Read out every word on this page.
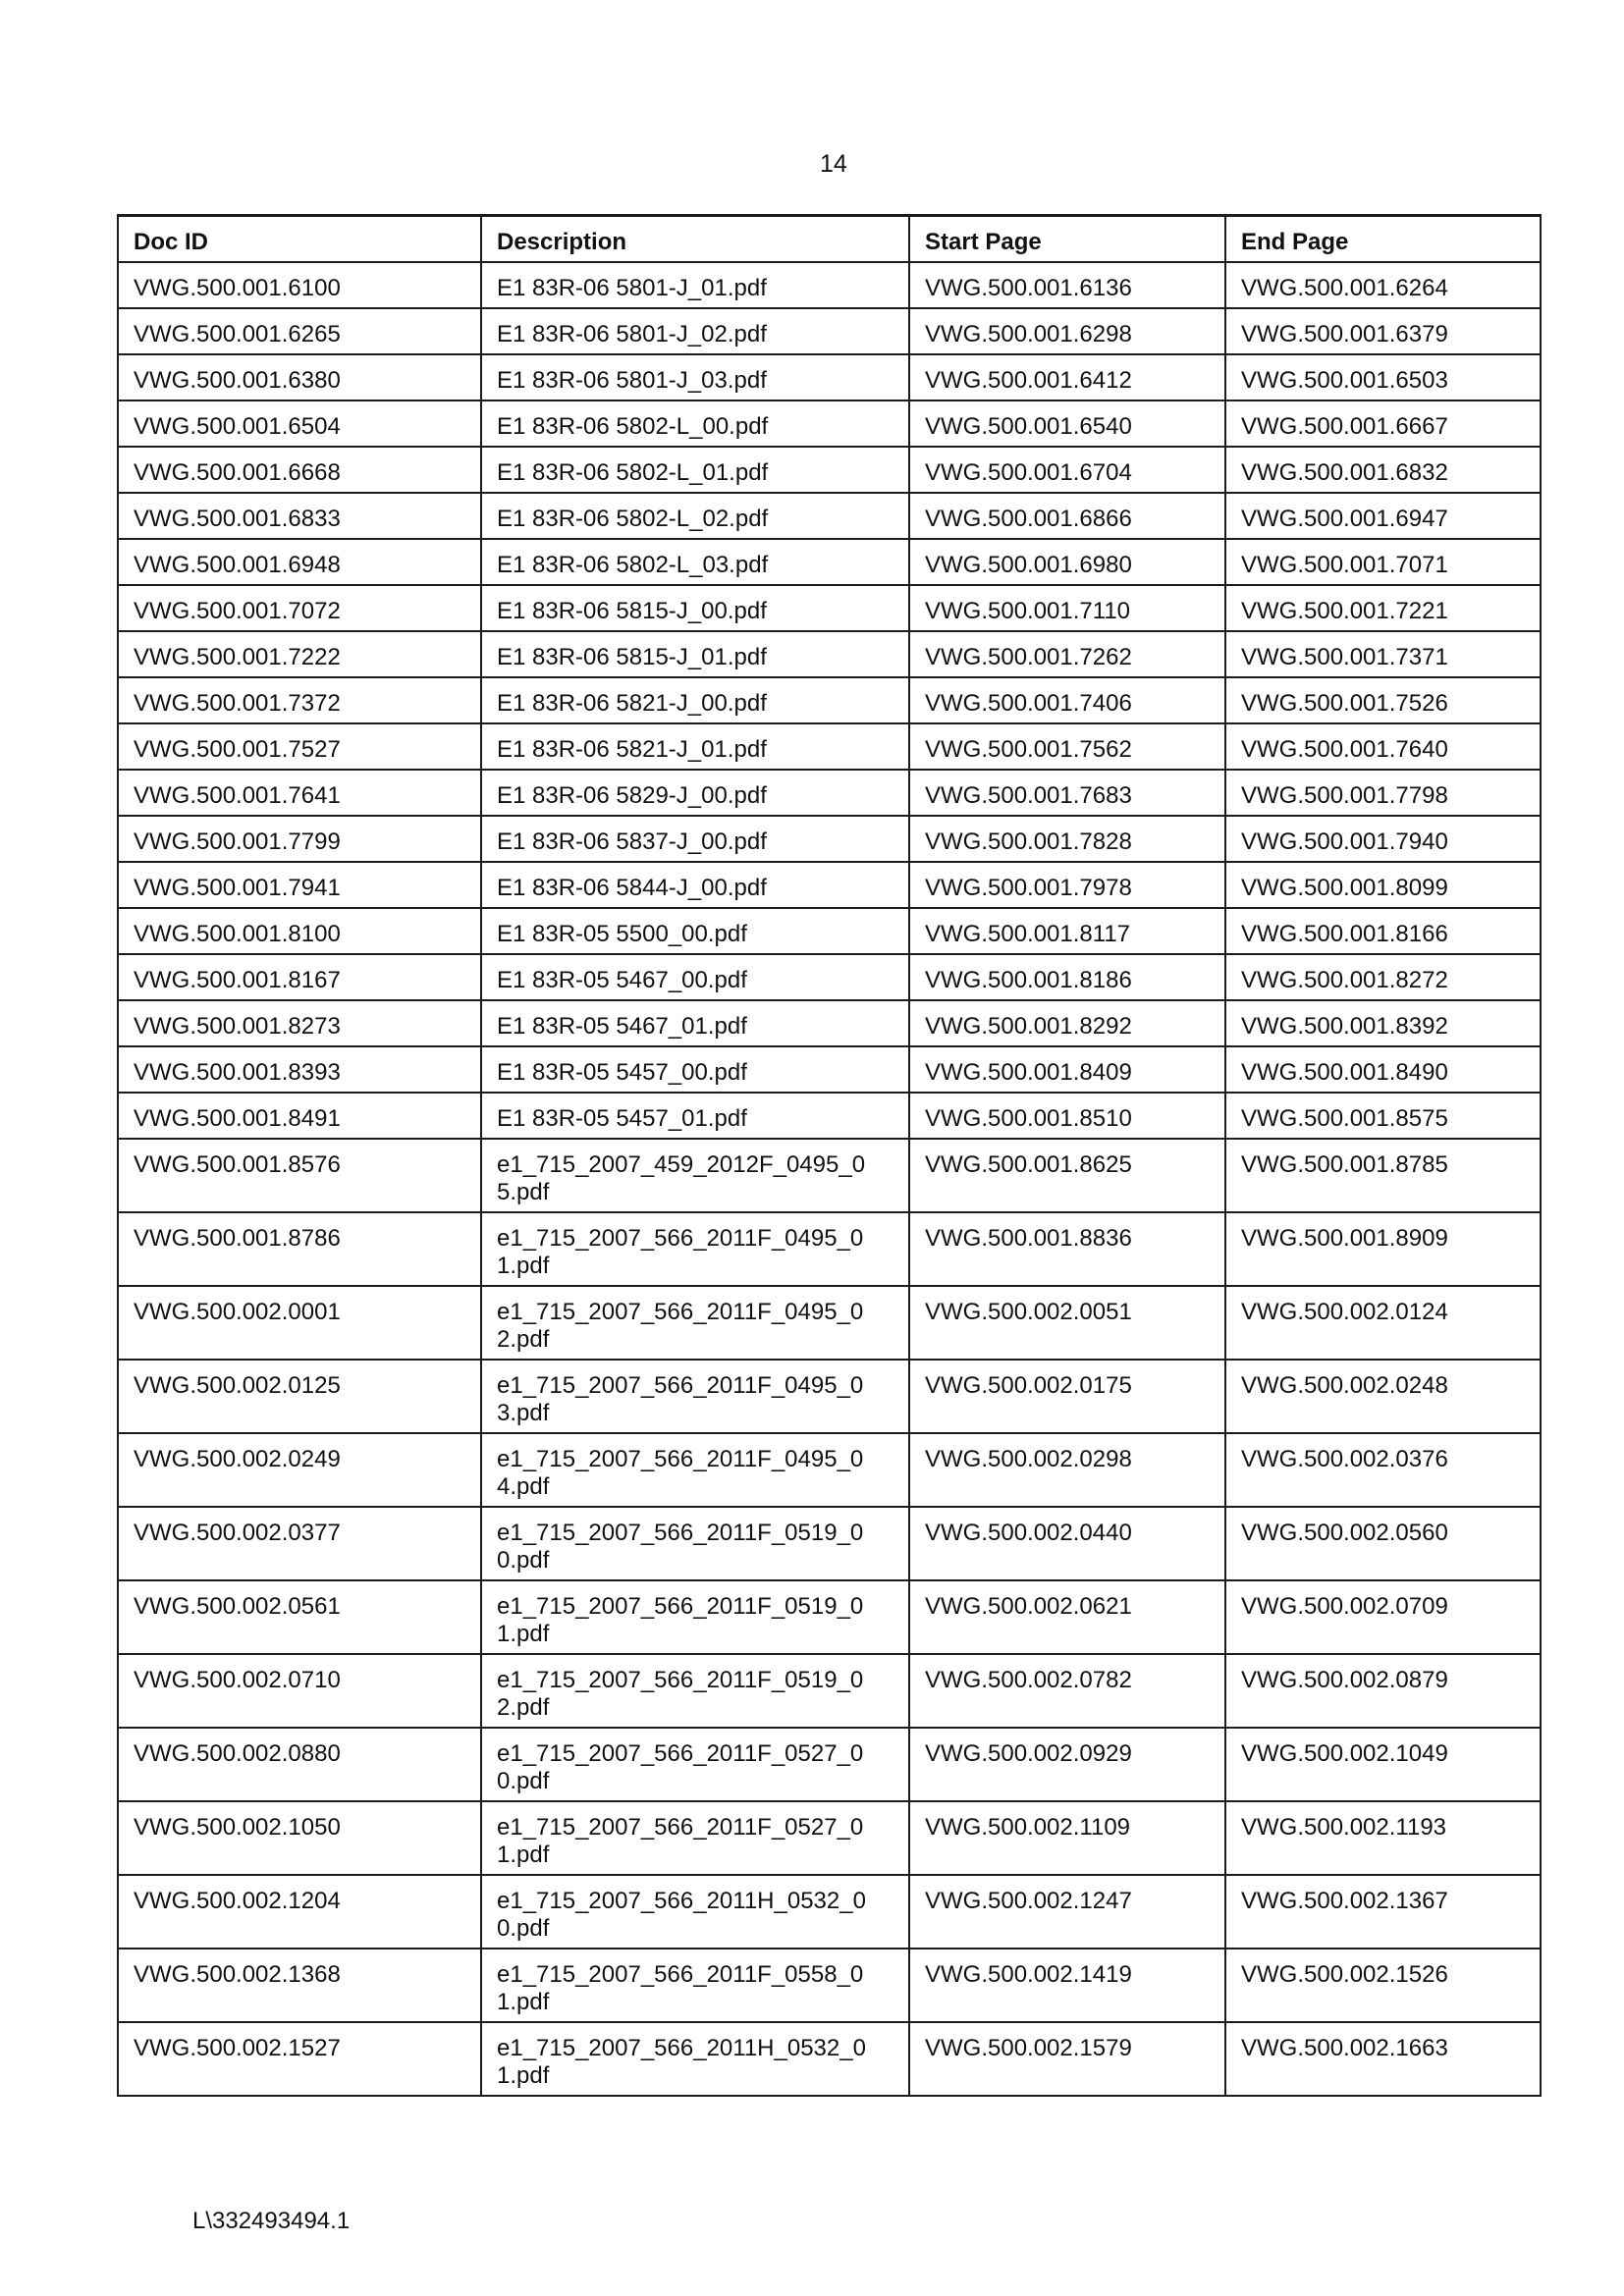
14
Doc ID	Description	Start Page	End Page

VWG.500.001.6100	E1 83R-06 5801-J_01.pdf	VWG.500.001.6136	VWG.500.001.6264

VWG.500.001.6265	E1 83R-06 5801-J_02.pdf	VWG.500.001.6298	VWG.500.001.6379

VWG.500.001.6380	E1 83R-06 5801-J_03.pdf	VWG.500.001.6412	VWG.500.001.6503

VWG.500.001.6504	E1 83R-06 5802-L_00.pdf	VWG.500.001.6540	VWG.500.001.6667

VWG.500.001.6668	E1 83R-06 5802-L_01.pdf	VWG.500.001.6704	VWG.500.001.6832

VWG.500.001.6833	E1 83R-06 5802-L_02.pdf	VWG.500.001.6866	VWG.500.001.6947

VWG.500.001.6948	E1 83R-06 5802-L_03.pdf	VWG.500.001.6980	VWG.500.001.7071

VWG.500.001.7072	E1 83R-06 5815-J_00.pdf	VWG.500.001.7110	VWG.500.001.7221

VWG.500.001.7222	E1 83R-06 5815-J_01.pdf	VWG.500.001.7262	VWG.500.001.7371

VWG.500.001.7372	E1 83R-06 5821-J_00.pdf	VWG.500.001.7406	VWG.500.001.7526

VWG.500.001.7527	E1 83R-06 5821-J_01.pdf	VWG.500.001.7562	VWG.500.001.7640

VWG.500.001.7641	E1 83R-06 5829-J_00.pdf	VWG.500.001.7683	VWG.500.001.7798

VWG.500.001.7799	E1 83R-06 5837-J_00.pdf	VWG.500.001.7828	VWG.500.001.7940

VWG.500.001.7941	E1 83R-06 5844-J_00.pdf	VWG.500.001.7978	VWG.500.001.8099

VWG.500.001.8100	E1 83R-05 5500_00.pdf	VWG.500.001.8117	VWG.500.001.8166

VWG.500.001.8167	E1 83R-05 5467_00.pdf	VWG.500.001.8186	VWG.500.001.8272

VWG.500.001.8273	E1 83R-05 5467_01.pdf	VWG.500.001.8292	VWG.500.001.8392

VWG.500.001.8393	E1 83R-05 5457_00.pdf	VWG.500.001.8409	VWG.500.001.8490

VWG.500.001.8491	E1 83R-05 5457_01.pdf	VWG.500.001.8510	VWG.500.001.8575

VWG.500.001.8576	e1_715_2007_459_2012F_0495_05.pdf	VWG.500.001.8625	VWG.500.001.8785

VWG.500.001.8786	e1_715_2007_566_2011F_0495_01.pdf	VWG.500.001.8836	VWG.500.001.8909

VWG.500.002.0001	e1_715_2007_566_2011F_0495_02.pdf	VWG.500.002.0051	VWG.500.002.0124

VWG.500.002.0125	e1_715_2007_566_2011F_0495_03.pdf	VWG.500.002.0175	VWG.500.002.0248

VWG.500.002.0249	e1_715_2007_566_2011F_0495_04.pdf	VWG.500.002.0298	VWG.500.002.0376

VWG.500.002.0377	e1_715_2007_566_2011F_0519_00.pdf	VWG.500.002.0440	VWG.500.002.0560

VWG.500.002.0561	e1_715_2007_566_2011F_0519_01.pdf	VWG.500.002.0621	VWG.500.002.0709

VWG.500.002.0710	e1_715_2007_566_2011F_0519_02.pdf	VWG.500.002.0782	VWG.500.002.0879

VWG.500.002.0880	e1_715_2007_566_2011F_0527_00.pdf	VWG.500.002.0929	VWG.500.002.1049

VWG.500.002.1050	e1_715_2007_566_2011F_0527_01.pdf	VWG.500.002.1109	VWG.500.002.1193

VWG.500.002.1204	e1_715_2007_566_2011H_0532_00.pdf	VWG.500.002.1247	VWG.500.002.1367

VWG.500.002.1368	e1_715_2007_566_2011F_0558_01.pdf	VWG.500.002.1419	VWG.500.002.1526

VWG.500.002.1527	e1_715_2007_566_2011H_0532_01.pdf	VWG.500.002.1579	VWG.500.002.1663
L\332493494.1
